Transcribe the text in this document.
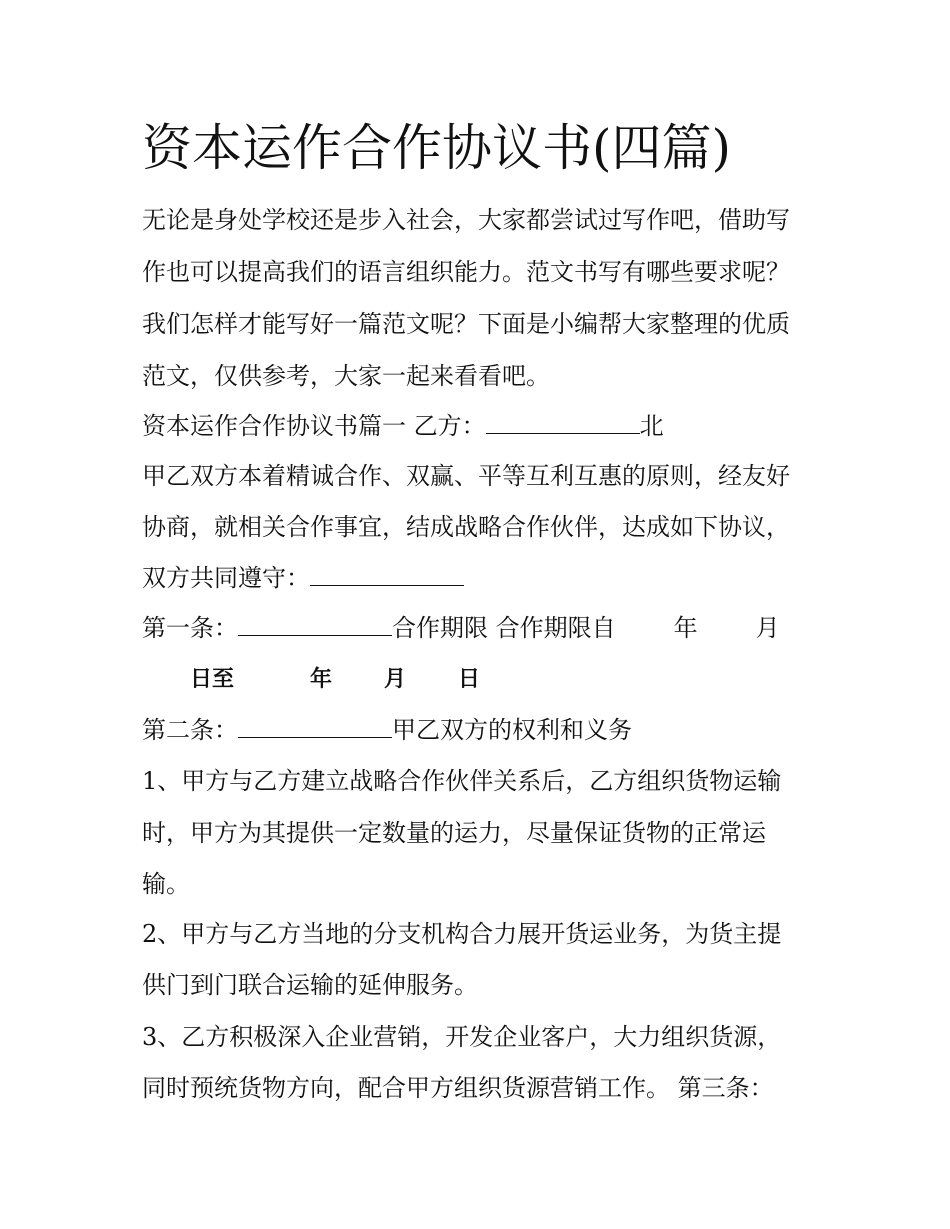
资本运作合作协议书(四篇)
无论是身处学校还是步入社会，大家都尝试过写作吧，借助写
作也可以提高我们的语言组织能力。范文书写有哪些要求呢？
我们怎样才能写好一篇范文呢？下面是小编帮大家整理的优质
范文，仅供参考，大家一起来看看吧。
资本运作合作协议书篇一 乙方：	北
甲乙双方本着精诚合作、双赢、平等互利互惠的原则，经友好
协商，就相关合作事宜，结成战略合作伙伴，达成如下协议，
双方共同遵守：
第一条：	合作期限 合作期限自 年 月
日至	年 月 日
第二条：	甲乙双方的权利和义务
1、甲方与乙方建立战略合作伙伴关系后，乙方组织货物运输
时，甲方为其提供一定数量的运力，尽量保证货物的正常运
输。
2、甲方与乙方当地的分支机构合力展开货运业务，为货主提
供门到门联合运输的延伸服务。
3、乙方积极深入企业营销，开发企业客户，大力组织货源，
同时预统货物方向，配合甲方组织货源营销工作。 第三条：
